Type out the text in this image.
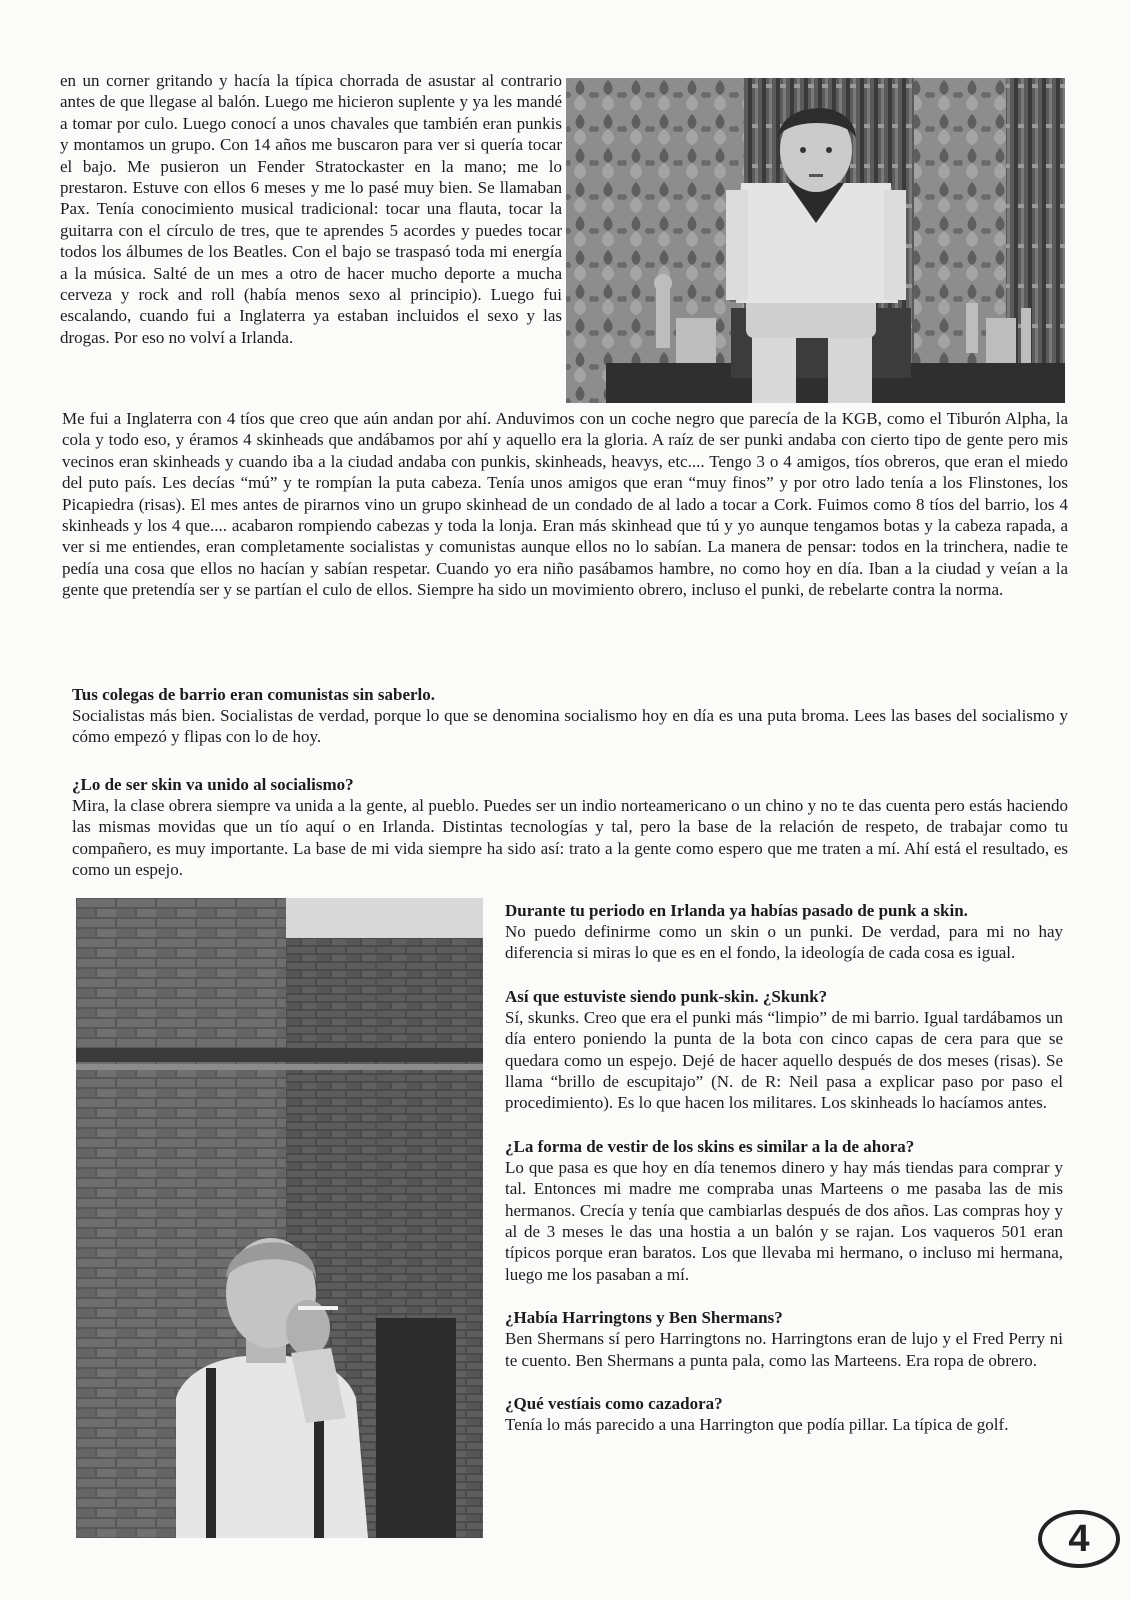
en un corner gritando y hacía la típica chorrada de asustar al contrario antes de que llegase al balón. Luego me hicieron suplente y ya les mandé a tomar por culo. Luego conocí a unos chavales que también eran punkis y montamos un grupo. Con 14 años me buscaron para ver si quería tocar el bajo. Me pusieron un Fender Stratockaster en la mano; me lo prestaron. Estuve con ellos 6 meses y me lo pasé muy bien. Se llamaban Pax. Tenía conocimiento musical tradicional: tocar una flauta, tocar la guitarra con el círculo de tres, que te aprendes 5 acordes y puedes tocar todos los álbumes de los Beatles. Con el bajo se traspasó toda mi energía a la música. Salté de un mes a otro de hacer mucho deporte a mucha cerveza y rock and roll (había menos sexo al principio). Luego fui escalando, cuando fui a Inglaterra ya estaban incluidos el sexo y las drogas. Por eso no volví a Irlanda.

Me fui a Inglaterra con 4 tíos que creo que aún andan por ahí. Anduvimos con un coche negro que parecía de la KGB, como el Tiburón Alpha, la cola y todo eso, y éramos 4 skinheads que andábamos por ahí y aquello era la gloria. A raíz de ser punki andaba con cierto tipo de gente pero mis vecinos eran skinheads y cuando iba a la ciudad andaba con punkis, skinheads, heavys, etc.... Tengo 3 o 4 amigos, tíos obreros, que eran el miedo del puto país. Les decías “mú” y te rompían la puta cabeza. Tenía unos amigos que eran “muy finos” y por otro lado tenía a los Flinstones, los Picapiedra (risas). El mes antes de pirarnos vino un grupo skinhead de un condado de al lado a tocar a Cork. Fuimos como 8 tíos del barrio, los 4 skinheads y los 4 que.... acabaron rompiendo cabezas y toda la lonja. Eran más skinhead que tú y yo aunque tengamos botas y la cabeza rapada, a ver si me entiendes, eran completamente socialistas y comunistas aunque ellos no lo sabían. La manera de pensar: todos en la trinchera, nadie te pedía una cosa que ellos no hacían y sabían respetar. Cuando yo era niño pasábamos hambre, no como hoy en día. Iban a la ciudad y veían a la gente que pretendía ser y se partían el culo de ellos. Siempre ha sido un movimiento obrero, incluso el punki, de rebelarte contra la norma.

Tus colegas de barrio eran comunistas sin saberlo.

Socialistas más bien. Socialistas de verdad, porque lo que se denomina socialismo hoy en día es una puta broma. Lees las bases del socialismo y cómo empezó y flipas con lo de hoy.

¿Lo de ser skin va unido al socialismo?

Mira, la clase obrera siempre va unida a la gente, al pueblo. Puedes ser un indio norteamericano o un chino y no te das cuenta pero estás haciendo las mismas movidas que un tío aquí o en Irlanda. Distintas tecnologías y tal, pero la base de la relación de respeto, de trabajar como tu compañero, es muy importante. La base de mi vida siempre ha sido así: trato a la gente como espero que me traten a mí. Ahí está el resultado, es como un espejo.

Durante tu periodo en Irlanda ya habías pasado de punk a skin.

No puedo definirme como un skin o un punki. De verdad, para mi no hay diferencia si miras lo que es en el fondo, la ideología de cada cosa es igual.

Así que estuviste siendo punk-skin. ¿Skunk?

Sí, skunks. Creo que era el punki más “limpio” de mi barrio. Igual tardábamos un día entero poniendo la punta de la bota con cinco capas de cera para que se quedara como un espejo. Dejé de hacer aquello después de dos meses (risas). Se llama “brillo de escupitajo” (N. de R: Neil pasa a explicar paso por paso el procedimiento). Es lo que hacen los militares. Los skinheads lo hacíamos antes.

¿La forma de vestir de los skins es similar a la de ahora?

Lo que pasa es que hoy en día tenemos dinero y hay más tiendas para comprar y tal. Entonces mi madre me compraba unas Marteens o me pasaba las de mis hermanos. Crecía y tenía que cambiarlas después de dos años. Las compras hoy y al de 3 meses le das una hostia a un balón y se rajan. Los vaqueros 501 eran típicos porque eran baratos. Los que llevaba mi hermano, o incluso mi hermana, luego me los pasaban a mí.

¿Había Harringtons y Ben Shermans?

Ben Shermans sí pero Harringtons no. Harringtons eran de lujo y el Fred Perry ni te cuento. Ben Shermans a punta pala, como las Marteens. Era ropa de obrero.

¿Qué vestíais como cazadora?

Tenía lo más parecido a una Harrington que podía pillar. La típica de golf.

4
